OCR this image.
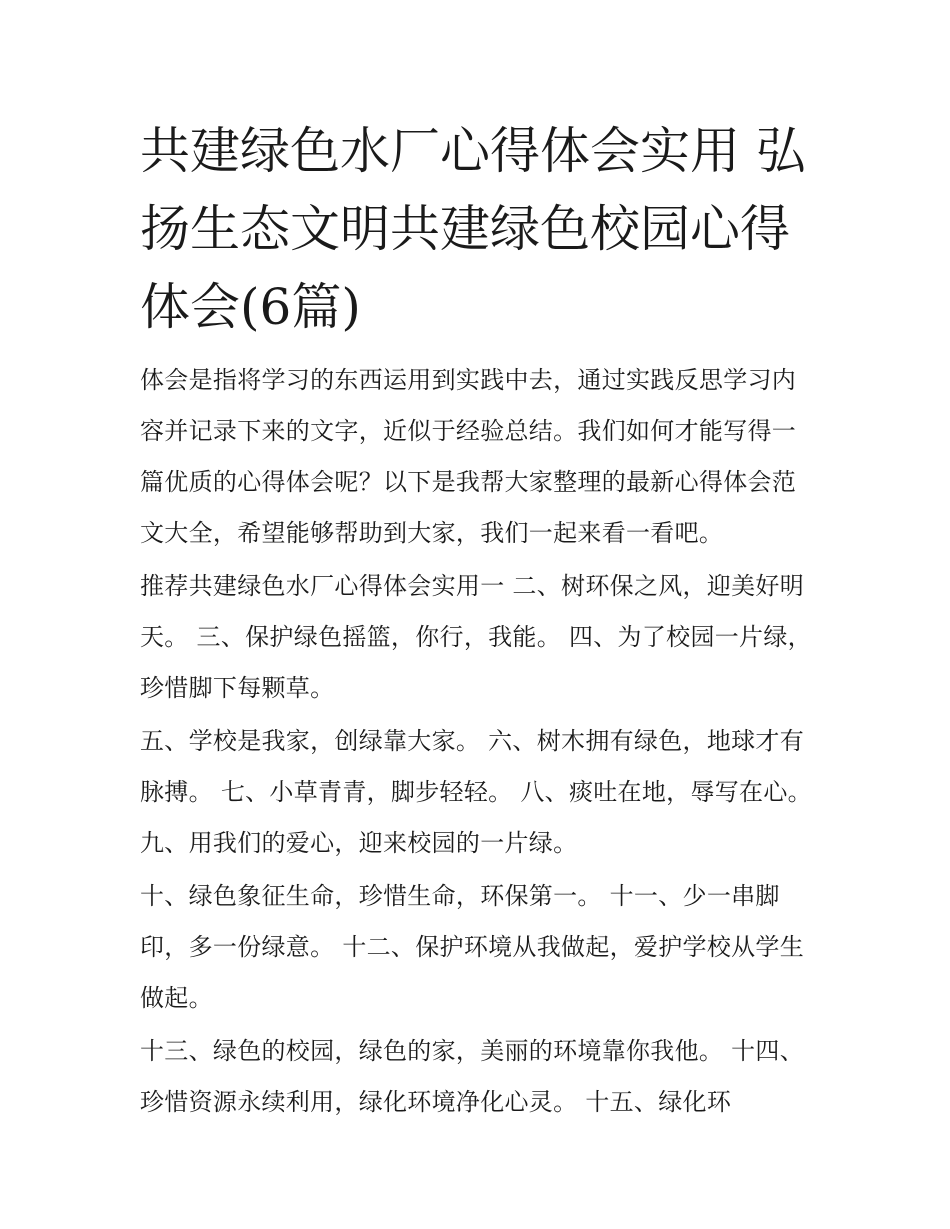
共建绿色水厂心得体会实用 弘扬生态文明共建绿色校园心得体会(6篇)

体会是指将学习的东西运用到实践中去，通过实践反思学习内容并记录下来的文字，近似于经验总结。我们如何才能写得一篇优质的心得体会呢？以下是我帮大家整理的最新心得体会范文大全，希望能够帮助到大家，我们一起来看一看吧。

推荐共建绿色水厂心得体会实用一 二、树环保之风，迎美好明天。 三、保护绿色摇篮，你行，我能。 四、为了校园一片绿，珍惜脚下每颗草。

五、学校是我家，创绿靠大家。 六、树木拥有绿色，地球才有脉搏。 七、小草青青，脚步轻轻。 八、痰吐在地，辱写在心。 九、用我们的爱心，迎来校园的一片绿。

十、绿色象征生命，珍惜生命，环保第一。 十一、少一串脚印，多一份绿意。 十二、保护环境从我做起，爱护学校从学生做起。

十三、绿色的校园，绿色的家，美丽的环境靠你我他。 十四、珍惜资源永续利用，绿化环境净化心灵。 十五、绿化环
